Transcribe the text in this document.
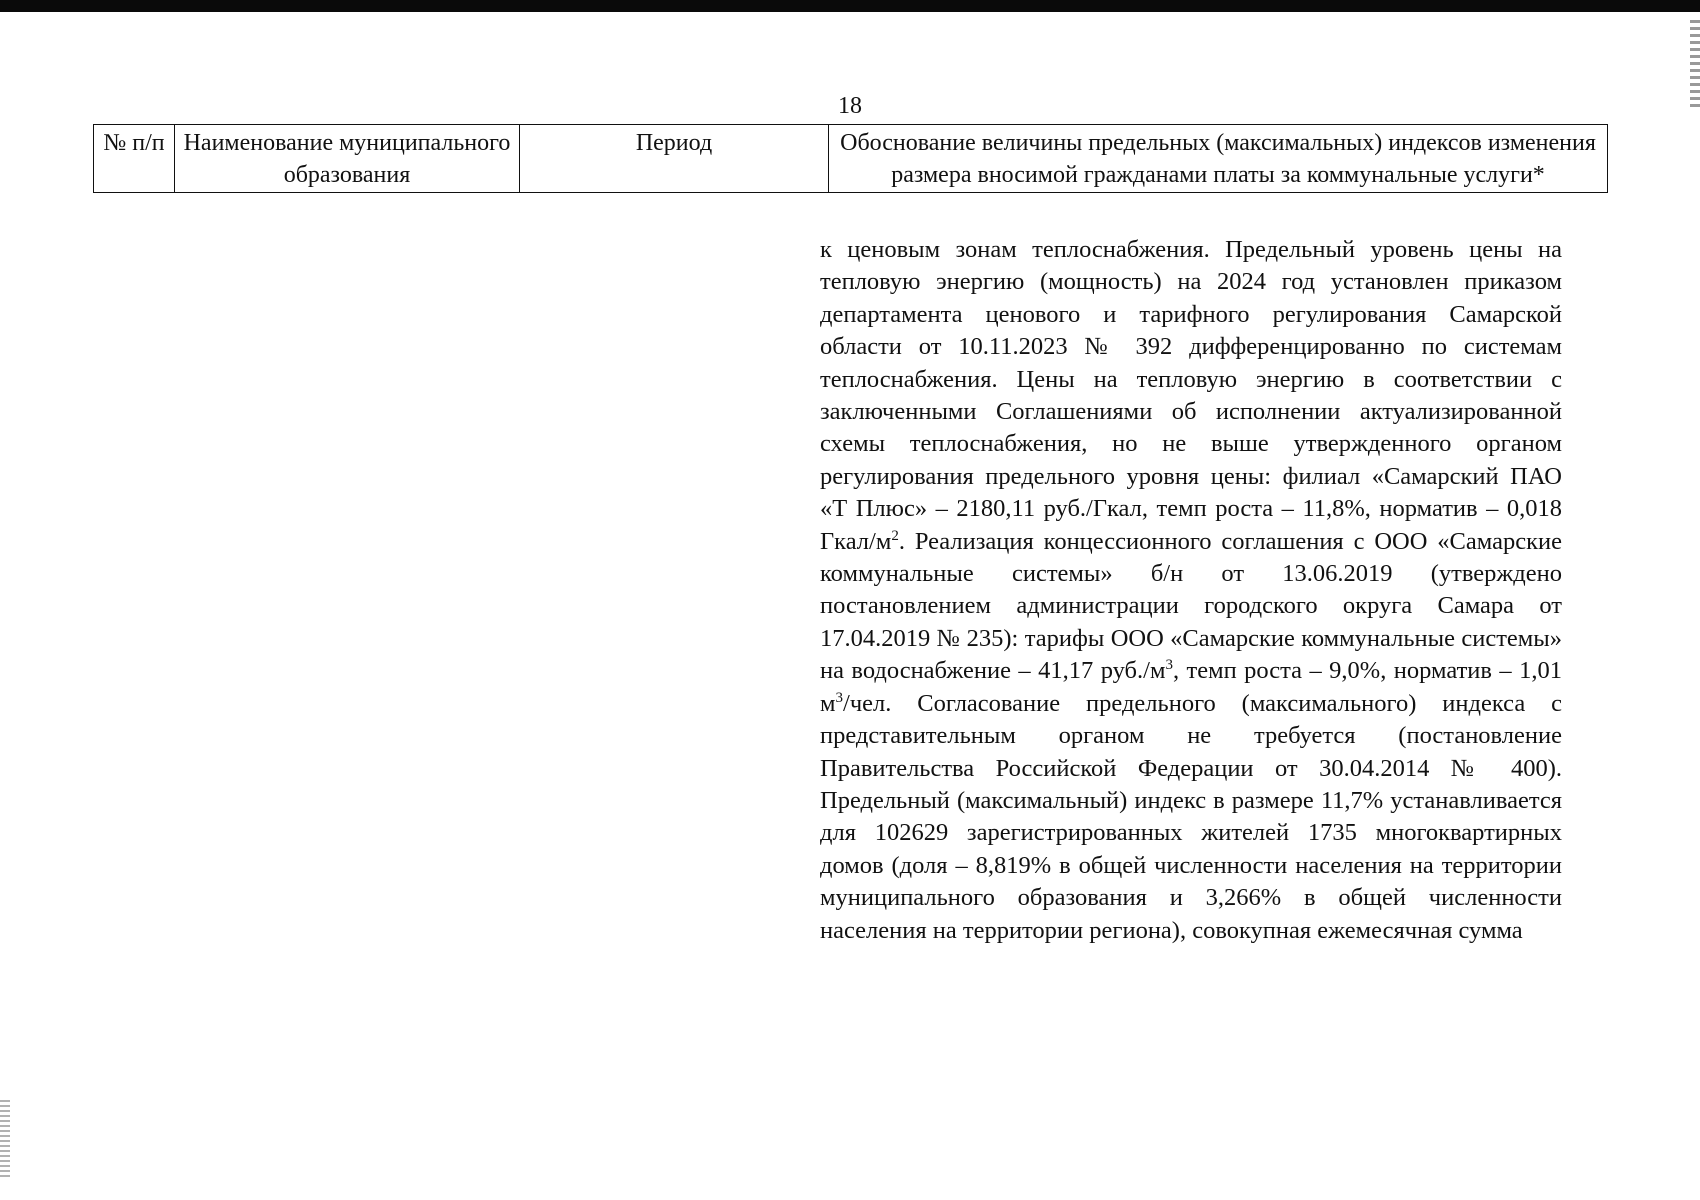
18
№ п/п	Наименование муниципального образования	Период	Обоснование величины предельных (максимальных) индексов изменения размера вносимой гражданами платы за коммунальные услуги*
к ценовым зонам теплоснабжения. Предельный уровень цены на тепловую энергию (мощность) на 2024 год установлен приказом департамента ценового и тарифного регулирования Самарской области от 10.11.2023 № 392 дифференцированно по системам теплоснабжения. Цены на тепловую энергию в соответствии с заключенными Соглашениями об исполнении актуализированной схемы теплоснабжения, но не выше утвержденного органом регулирования предельного уровня цены: филиал «Самарский ПАО «Т Плюс» – 2180,11 руб./Гкал, темп роста – 11,8%, норматив – 0,018 Гкал/$м^2$. Реализация концессионного соглашения с ООО «Самарские коммунальные системы» б/н от 13.06.2019 (утверждено постановлением администрации городского округа Самара от 17.04.2019 № 235): тарифы ООО «Самарские коммунальные системы» на водоснабжение – 41,17 $руб./м^3$, темп роста – 9,0%, норматив – 1,01 $м^3$/чел. Согласование предельного (максимального) индекса с представительным органом не требуется (постановление Правительства Российской Федерации от 30.04.2014 № 400). Предельный (максимальный) индекс в размере 11,7% устанавливается для 102629 зарегистрированных жителей 1735 многоквартирных домов (доля – 8,819% в общей численности населения на территории муниципального образования и 3,266% в общей численности населения на территории региона), совокупная ежемесячная сумма
